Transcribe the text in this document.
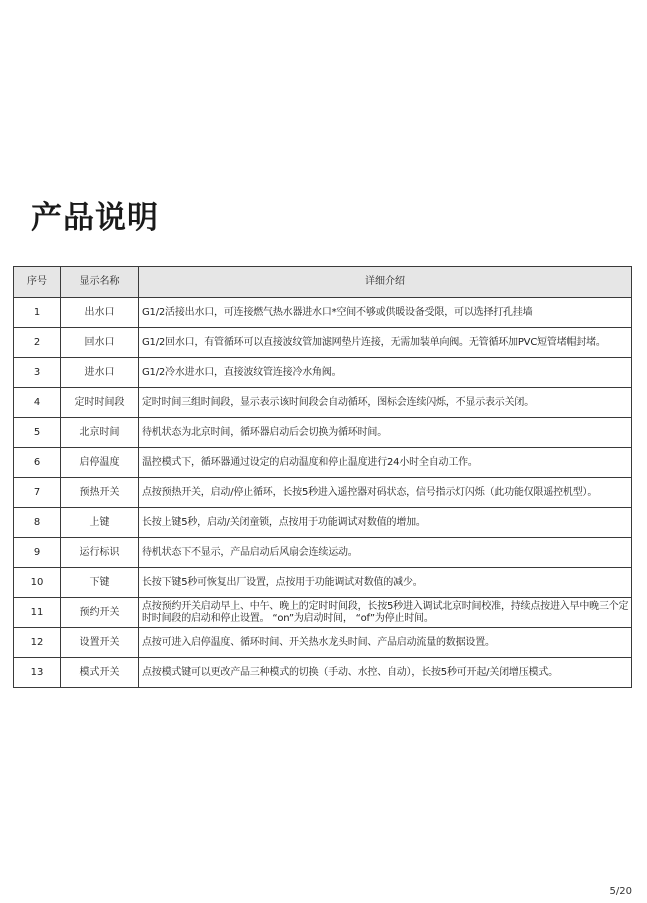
产品说明
序号	显示名称	详细介绍
1	出水口	G1/2活接出水口，可连接燃气热水器进水口*空间不够或供暖设备受限，可以选择打孔挂墙
2	回水口	G1/2回水口，有管循环可以直接波纹管加滤网垫片连接，无需加装单向阀。无管循环加PVC短管堵帽封堵。
3	进水口	G1/2冷水进水口，直接波纹管连接冷水角阀。
4	定时时间段	定时时间三组时间段，显示表示该时间段会自动循环，图标会连续闪烁，不显示表示关闭。
5	北京时间	待机状态为北京时间，循环器启动后会切换为循环时间。
6	启停温度	温控模式下，循环器通过设定的启动温度和停止温度进行24小时全自动工作。
7	预热开关	点按预热开关，启动/停止循环，长按5秒进入遥控器对码状态，信号指示灯闪烁（此功能仅限遥控机型）。
8	上键	长按上键5秒，启动/关闭童锁，点按用于功能调试对数值的增加。
9	运行标识	待机状态下不显示，产品启动后风扇会连续运动。
10	下键	长按下键5秒可恢复出厂设置，点按用于功能调试对数值的减少。
11	预约开关	点按预约开关启动早上、中午、晚上的定时时间段，长按5秒进入调试北京时间校准，持续点按进入早中晚三个定时时间段的启动和停止设置。 “on”为启动时间， “of”为停止时间。
12	设置开关	点按可进入启停温度、循环时间、开关热水龙头时间、产品启动流量的数据设置。
13	模式开关	点按模式键可以更改产品三种模式的切换（手动、水控、自动），长按5秒可开起/关闭增压模式。
5/20
